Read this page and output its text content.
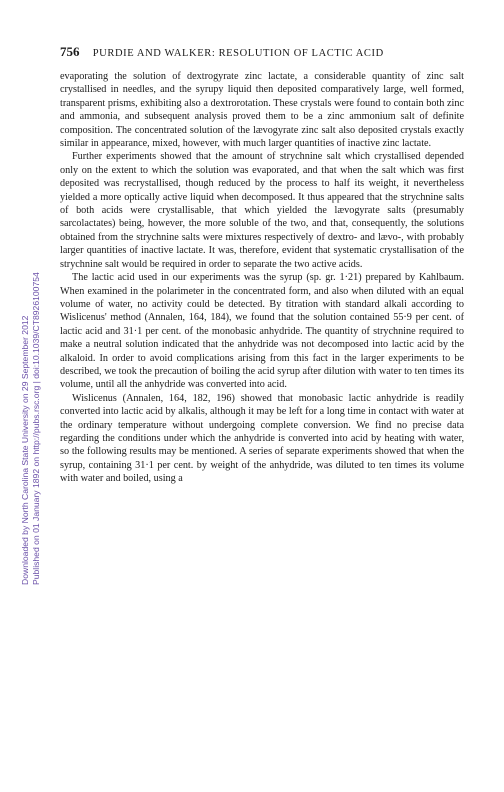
756 PURDIE AND WALKER: RESOLUTION OF LACTIC ACID
Downloaded by North Carolina State University on 29 September 2012 Published on 01 January 1892 on http://pubs.rsc.org | doi:10.1039/CT8926100754

evaporating the solution of dextrogyrate zinc lactate, a considerable quantity of zinc salt crystallised in needles, and the syrupy liquid then deposited comparatively large, well formed, transparent prisms, exhibiting also a dextrorotation. These crystals were found to contain both zinc and ammonia, and subsequent analysis proved them to be a zinc ammonium salt of definite composition. The concentrated solution of the lævogyrate zinc salt also deposited crystals exactly similar in appearance, mixed, however, with much larger quantities of inactive zinc lactate.

Further experiments showed that the amount of strychnine salt which crystallised depended only on the extent to which the solution was evaporated, and that when the salt which was first deposited was recrystallised, though reduced by the process to half its weight, it nevertheless yielded a more optically active liquid when decomposed. It thus appeared that the strychnine salts of both acids were crystallisable, that which yielded the lævogyrate salts (presumably sarcolactates) being, however, the more soluble of the two, and that, consequently, the solutions obtained from the strychnine salts were mixtures respectively of dextro- and lævo-, with probably larger quantities of inactive lactate. It was, therefore, evident that systematic crystallisation of the strychnine salt would be required in order to separate the two active acids.

The lactic acid used in our experiments was the syrup (sp. gr. 1·21) prepared by Kahlbaum. When examined in the polarimeter in the concentrated form, and also when diluted with an equal volume of water, no activity could be detected. By titration with standard alkali according to Wislicenus' method (Annalen, 164, 184), we found that the solution contained 55·9 per cent. of lactic acid and 31·1 per cent. of the monobasic anhydride. The quantity of strychnine required to make a neutral solution indicated that the anhydride was not decomposed into lactic acid by the alkaloid. In order to avoid complications arising from this fact in the larger experiments to be described, we took the precaution of boiling the acid syrup after dilution with water to ten times its volume, until all the anhydride was converted into acid.

Wislicenus (Annalen, 164, 182, 196) showed that monobasic lactic anhydride is readily converted into lactic acid by alkalis, although it may be left for a long time in contact with water at the ordinary temperature without undergoing complete conversion. We find no precise data regarding the conditions under which the anhydride is converted into acid by heating with water, so the following results may be mentioned. A series of separate experiments showed that when the syrup, containing 31·1 per cent. by weight of the anhydride, was diluted to ten times its volume with water and boiled, using a
